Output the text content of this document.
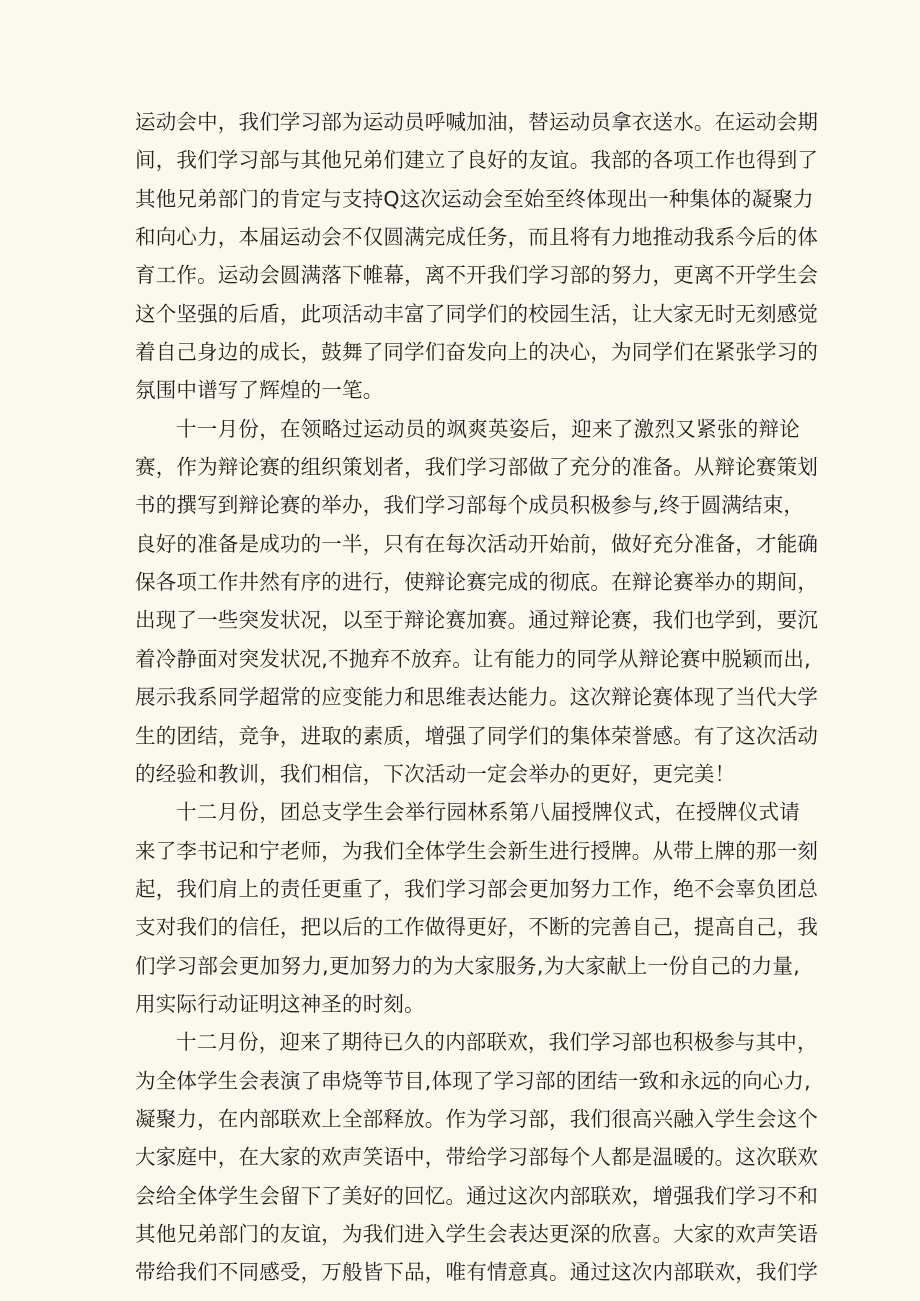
运动会中，我们学习部为运动员呼喊加油，替运动员拿衣送水。在运动会期
间，我们学习部与其他兄弟们建立了良好的友谊。我部的各项工作也得到了
其他兄弟部门的肯定与支持Q这次运动会至始至终体现出一种集体的凝聚力
和向心力，本届运动会不仅圆满完成任务，而且将有力地推动我系今后的体
育工作。运动会圆满落下帷幕，离不开我们学习部的努力，更离不开学生会
这个坚强的后盾，此项活动丰富了同学们的校园生活，让大家无时无刻感觉
着自己身边的成长，鼓舞了同学们奋发向上的决心，为同学们在紧张学习的
氛围中谱写了辉煌的一笔。
十一月份，在领略过运动员的飒爽英姿后，迎来了激烈又紧张的辩论
赛，作为辩论赛的组织策划者，我们学习部做了充分的准备。从辩论赛策划
书的撰写到辩论赛的举办，我们学习部每个成员积极参与,终于圆满结束，
良好的准备是成功的一半，只有在每次活动开始前，做好充分准备，才能确
保各项工作井然有序的进行，使辩论赛完成的彻底。在辩论赛举办的期间，
出现了一些突发状况，以至于辩论赛加赛。通过辩论赛，我们也学到，要沉
着冷静面对突发状况,不抛弃不放弃。让有能力的同学从辩论赛中脱颖而出,
展示我系同学超常的应变能力和思维表达能力。这次辩论赛体现了当代大学
生的团结，竞争，进取的素质，增强了同学们的集体荣誉感。有了这次活动
的经验和教训，我们相信，下次活动一定会举办的更好，更完美！
十二月份，团总支学生会举行园林系第八届授牌仪式，在授牌仪式请
来了李书记和宁老师，为我们全体学生会新生进行授牌。从带上牌的那一刻
起，我们肩上的责任更重了，我们学习部会更加努力工作，绝不会辜负团总
支对我们的信任，把以后的工作做得更好，不断的完善自己，提高自己，我
们学习部会更加努力,更加努力的为大家服务,为大家献上一份自己的力量,
用实际行动证明这神圣的时刻。
十二月份，迎来了期待已久的内部联欢，我们学习部也积极参与其中，
为全体学生会表演了串烧等节目,体现了学习部的团结一致和永远的向心力,
凝聚力，在内部联欢上全部释放。作为学习部，我们很高兴融入学生会这个
大家庭中，在大家的欢声笑语中，带给学习部每个人都是温暖的。这次联欢
会给全体学生会留下了美好的回忆。通过这次内部联欢，增强我们学习不和
其他兄弟部门的友谊，为我们进入学生会表达更深的欣喜。大家的欢声笑语
带给我们不同感受，万般皆下品，唯有情意真。通过这次内部联欢，我们学
